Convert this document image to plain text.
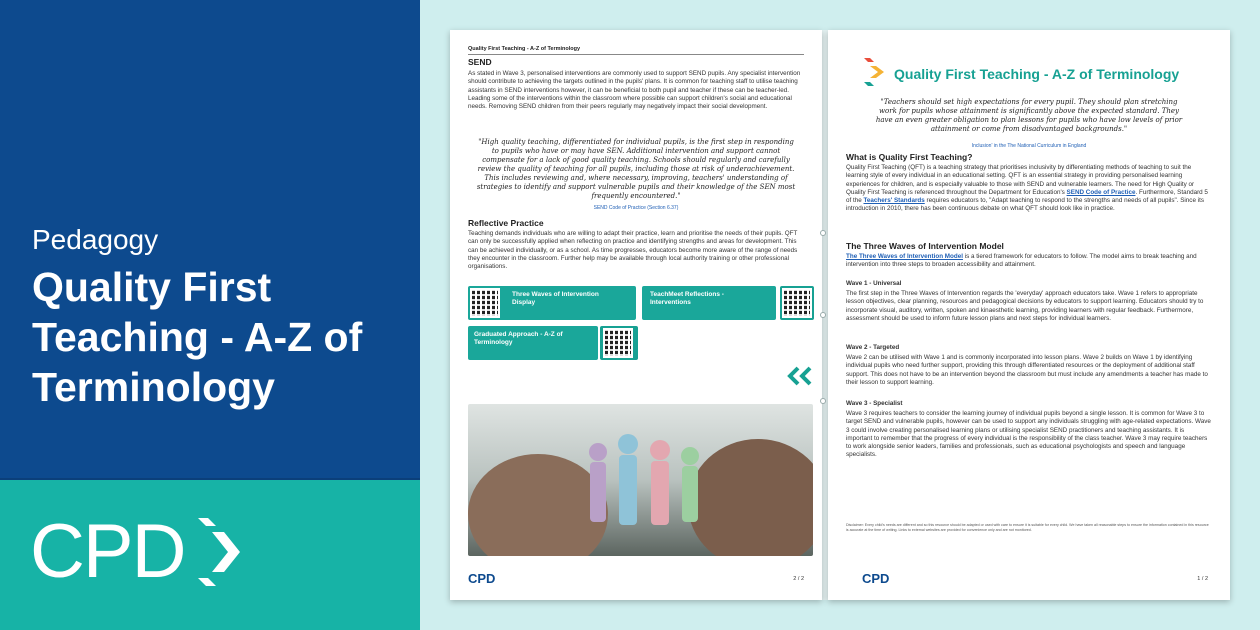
Pedagogy
Quality First
Teaching - A-Z of
Terminology
CPD
Quality First Teaching - A-Z of Terminology
SEND
As stated in Wave 3, personalised interventions are commonly used to support SEND pupils. Any specialist intervention should contribute to achieving the targets outlined in the pupils' plans. It is common for teaching staff to utilise teaching assistants in SEND interventions however, it can be beneficial to both pupil and teacher if these can be teacher-led. Leading some of the interventions within the classroom where possible can support children's social and educational needs. Removing SEND children from their peers regularly may negatively impact their social development.
"High quality teaching, differentiated for individual pupils, is the first step in responding to pupils who have or may have SEN. Additional intervention and support cannot compensate for a lack of good quality teaching. Schools should regularly and carefully review the quality of teaching for all pupils, including those at risk of underachievement. This includes reviewing and, where necessary, improving, teachers' understanding of strategies to identify and support vulnerable pupils and their knowledge of the SEN most frequently encountered."
SEND Code of Practice (Section 6.37)
Reflective Practice
Teaching demands individuals who are willing to adapt their practice, learn and prioritise the needs of their pupils. QFT can only be successfully applied when reflecting on practice and identifying strengths and areas for development. This can be achieved individually, or as a school. As time progresses, educators become more aware of the range of needs they encounter in the classroom. Further help may be available through local authority training or other professional organisations.
Three Waves of Intervention Display
TeachMeet Reflections - Interventions
Graduated Approach - A-Z of Terminology
CPD	2 / 2
Quality First Teaching - A-Z of Terminology
"Teachers should set high expectations for every pupil. They should plan stretching work for pupils whose attainment is significantly above the expected standard. They have an even greater obligation to plan lessons for pupils who have low levels of prior attainment or come from disadvantaged backgrounds."
Inclusion' in the The National Curriculum in England
What is Quality First Teaching?
Quality First Teaching (QFT) is a teaching strategy that prioritises inclusivity by differentiating methods of teaching to suit the learning style of every individual in an educational setting. QFT is an essential strategy in providing personalised learning experiences for children, and is especially valuable to those with SEND and vulnerable learners. The need for High Quality or Quality First Teaching is referenced throughout the Department for Education's SEND Code of Practice. Furthermore, Standard 5 of the Teachers' Standards requires educators to, "Adapt teaching to respond to the strengths and needs of all pupils". Since its introduction in 2010, there has been continuous debate on what QFT should look like in practice.
The Three Waves of Intervention Model
The Three Waves of Intervention Model is a tiered framework for educators to follow. The model aims to break teaching and intervention into three steps to broaden accessibility and attainment.
Wave 1 - Universal
The first step in the Three Waves of Intervention regards the 'everyday' approach educators take. Wave 1 refers to appropriate lesson objectives, clear planning, resources and pedagogical decisions by educators to support learning. Educators should try to incorporate visual, auditory, written, spoken and kinaesthetic learning, providing learners with regular feedback. Furthermore, assessment should be used to inform future lesson plans and next steps for individual learners.
Wave 2 - Targeted
Wave 2 can be utilised with Wave 1 and is commonly incorporated into lesson plans. Wave 2 builds on Wave 1 by identifying individual pupils who need further support, providing this through differentiated resources or the deployment of additional staff support. This does not have to be an intervention beyond the classroom but must include any amendments a teacher has made to their lesson to support learning.
Wave 3 - Specialist
Wave 3 requires teachers to consider the learning journey of individual pupils beyond a single lesson. It is common for Wave 3 to target SEND and vulnerable pupils, however can be used to support any individuals struggling with age-related expectations. Wave 3 could involve creating personalised learning plans or utilising specialist SEND practitioners and teaching assistants. It is important to remember that the progress of every individual is the responsibility of the class teacher. Wave 3 may require teachers to work alongside senior leaders, families and professionals, such as educational psychologists and speech and language specialists.
Disclaimer: Every child's needs are different and so this resource should be adapted or used with care to ensure it is suitable for every child. We have taken all reasonable steps to ensure the information contained in this resource is accurate at the time of writing. Links to external websites are provided for convenience only and are not monitored.
CPD	1 / 2
